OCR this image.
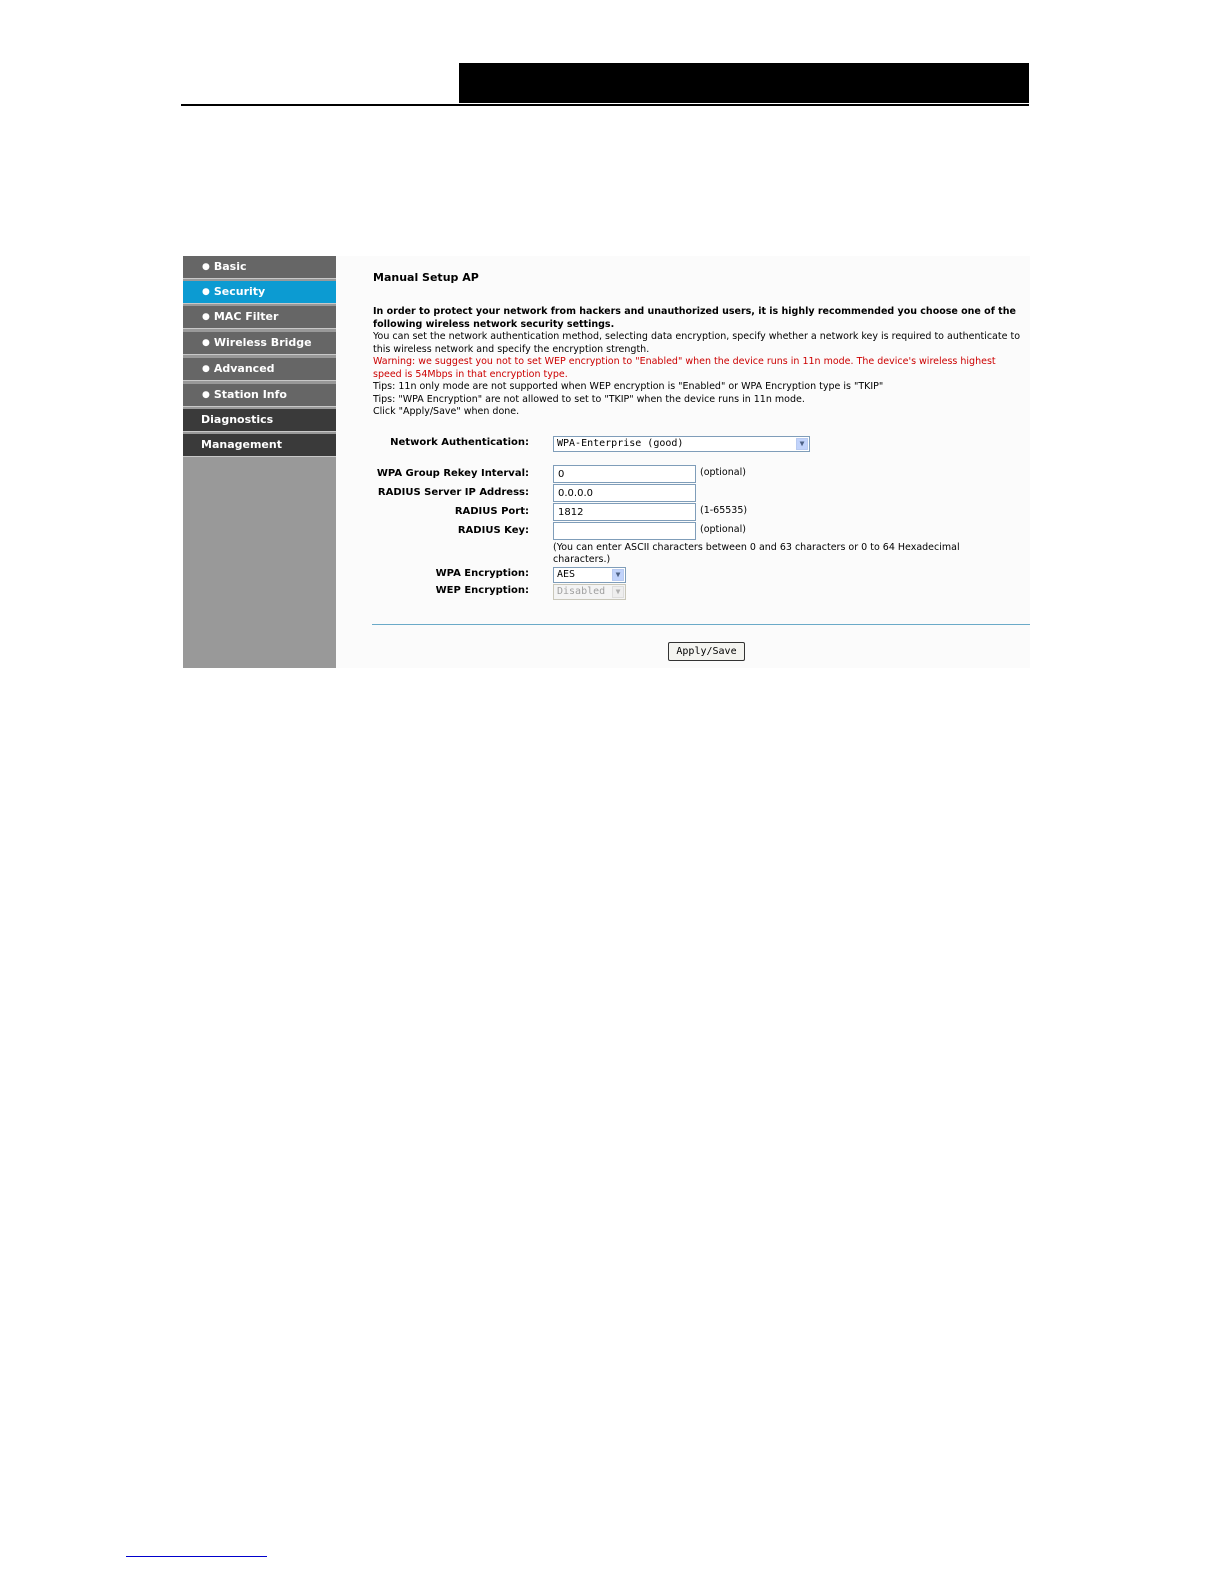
● Basic
● Security
● MAC Filter
● Wireless Bridge
● Advanced
● Station Info
Diagnostics
Management
Manual Setup AP
In order to protect your network from hackers and unauthorized users, it is highly recommended you choose one of the following wireless network security settings.
You can set the network authentication method, selecting data encryption, specify whether a network key is required to authenticate to this wireless network and specify the encryption strength.
Warning: we suggest you not to set WEP encryption to "Enabled" when the device runs in 11n mode. The device's wireless highest speed is 54Mbps in that encryption type.
Tips: 11n only mode are not supported when WEP encryption is "Enabled" or WPA Encryption type is "TKIP"
Tips: "WPA Encryption" are not allowed to set to "TKIP" when the device runs in 11n mode.
Click "Apply/Save" when done.
Network Authentication:	WPA-Enterprise (good)	▼
WPA Group Rekey Interval:
0	(optional)
RADIUS Server IP Address:
0.0.0.0
RADIUS Port:
1812	(1-65535)
RADIUS Key:	(optional)
(You can enter ASCII characters between 0 and 63 characters or 0 to 64 Hexadecimal characters.)
WPA Encryption:	AES	▼
WEP Encryption:	Disabled	▼
Apply/Save
